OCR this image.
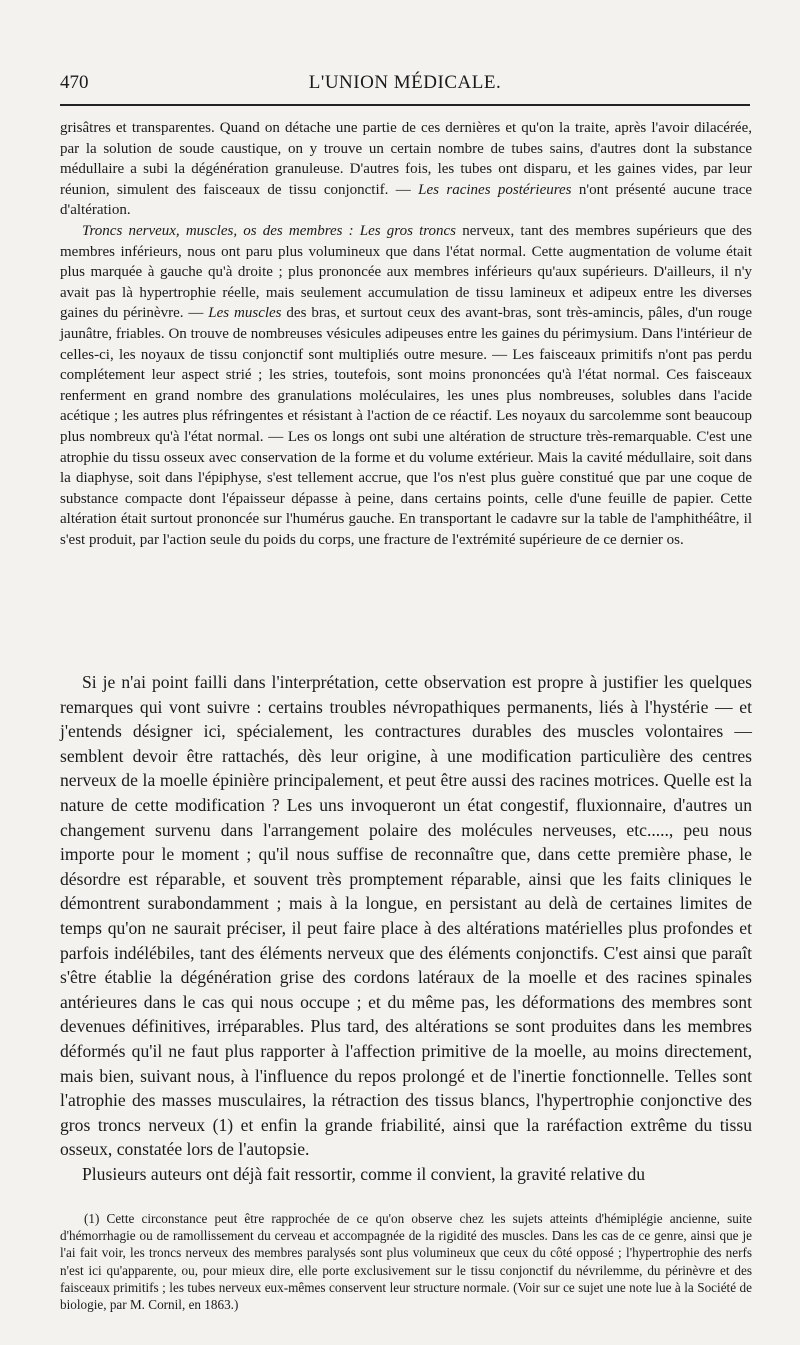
470	L'UNION MÉDICALE.

grisâtres et transparentes. Quand on détache une partie de ces dernières et qu'on la traite, après l'avoir dilacérée, par la solution de soude caustique, on y trouve un certain nombre de tubes sains, d'autres dont la substance médullaire a subi la dégénération granuleuse. D'autres fois, les tubes ont disparu, et les gaines vides, par leur réunion, simulent des faisceaux de tissu conjonctif. — Les racines postérieures n'ont présenté aucune trace d'altération.

Troncs nerveux, muscles, os des membres : Les gros troncs nerveux, tant des membres supérieurs que des membres inférieurs, nous ont paru plus volumineux que dans l'état normal. Cette augmentation de volume était plus marquée à gauche qu'à droite ; plus prononcée aux membres inférieurs qu'aux supérieurs. D'ailleurs, il n'y avait pas là hypertrophie réelle, mais seulement accumulation de tissu lamineux et adipeux entre les diverses gaines du périnèvre. — Les muscles des bras, et surtout ceux des avant-bras, sont très-amincis, pâles, d'un rouge jaunâtre, friables. On trouve de nombreuses vésicules adipeuses entre les gaines du périmysium. Dans l'intérieur de celles-ci, les noyaux de tissu conjonctif sont multipliés outre mesure. — Les faisceaux primitifs n'ont pas perdu complétement leur aspect strié ; les stries, toutefois, sont moins prononcées qu'à l'état normal. Ces faisceaux renferment en grand nombre des granulations moléculaires, les unes plus nombreuses, solubles dans l'acide acétique ; les autres plus réfringentes et résistant à l'action de ce réactif. Les noyaux du sarcolemme sont beaucoup plus nombreux qu'à l'état normal. — Les os longs ont subi une altération de structure très-remarquable. C'est une atrophie du tissu osseux avec conservation de la forme et du volume extérieur. Mais la cavité médullaire, soit dans la diaphyse, soit dans l'épiphyse, s'est tellement accrue, que l'os n'est plus guère constitué que par une coque de substance compacte dont l'épaisseur dépasse à peine, dans certains points, celle d'une feuille de papier. Cette altération était surtout prononcée sur l'humérus gauche. En transportant le cadavre sur la table de l'amphithéâtre, il s'est produit, par l'action seule du poids du corps, une fracture de l'extrémité supérieure de ce dernier os.

Si je n'ai point failli dans l'interprétation, cette observation est propre à justifier les quelques remarques qui vont suivre : certains troubles névropathiques permanents, liés à l'hystérie — et j'entends désigner ici, spécialement, les contractures durables des muscles volontaires — semblent devoir être rattachés, dès leur origine, à une modification particulière des centres nerveux de la moelle épinière principalement, et peut être aussi des racines motrices. Quelle est la nature de cette modification ? Les uns invoqueront un état congestif, fluxionnaire, d'autres un changement survenu dans l'arrangement polaire des molécules nerveuses, etc....., peu nous importe pour le moment ; qu'il nous suffise de reconnaître que, dans cette première phase, le désordre est réparable, et souvent très promptement réparable, ainsi que les faits cliniques le démontrent surabondamment ; mais à la longue, en persistant au delà de certaines limites de temps qu'on ne saurait préciser, il peut faire place à des altérations matérielles plus profondes et parfois indélébiles, tant des éléments nerveux que des éléments conjonctifs. C'est ainsi que paraît s'être établie la dégénération grise des cordons latéraux de la moelle et des racines spinales antérieures dans le cas qui nous occupe ; et du même pas, les déformations des membres sont devenues définitives, irréparables. Plus tard, des altérations se sont produites dans les membres déformés qu'il ne faut plus rapporter à l'affection primitive de la moelle, au moins directement, mais bien, suivant nous, à l'influence du repos prolongé et de l'inertie fonctionnelle. Telles sont l'atrophie des masses musculaires, la rétraction des tissus blancs, l'hypertrophie conjonctive des gros troncs nerveux (1) et enfin la grande friabilité, ainsi que la raréfaction extrême du tissu osseux, constatée lors de l'autopsie.

Plusieurs auteurs ont déjà fait ressortir, comme il convient, la gravité relative du

(1) Cette circonstance peut être rapprochée de ce qu'on observe chez les sujets atteints d'hémiplégie ancienne, suite d'hémorrhagie ou de ramollissement du cerveau et accompagnée de la rigidité des muscles. Dans les cas de ce genre, ainsi que je l'ai fait voir, les troncs nerveux des membres paralysés sont plus volumineux que ceux du côté opposé ; l'hypertrophie des nerfs n'est ici qu'apparente, ou, pour mieux dire, elle porte exclusivement sur le tissu conjonctif du névrilemme, du périnèvre et des faisceaux primitifs ; les tubes nerveux eux-mêmes conservent leur structure normale. (Voir sur ce sujet une note lue à la Société de biologie, par M. Cornil, en 1863.)
